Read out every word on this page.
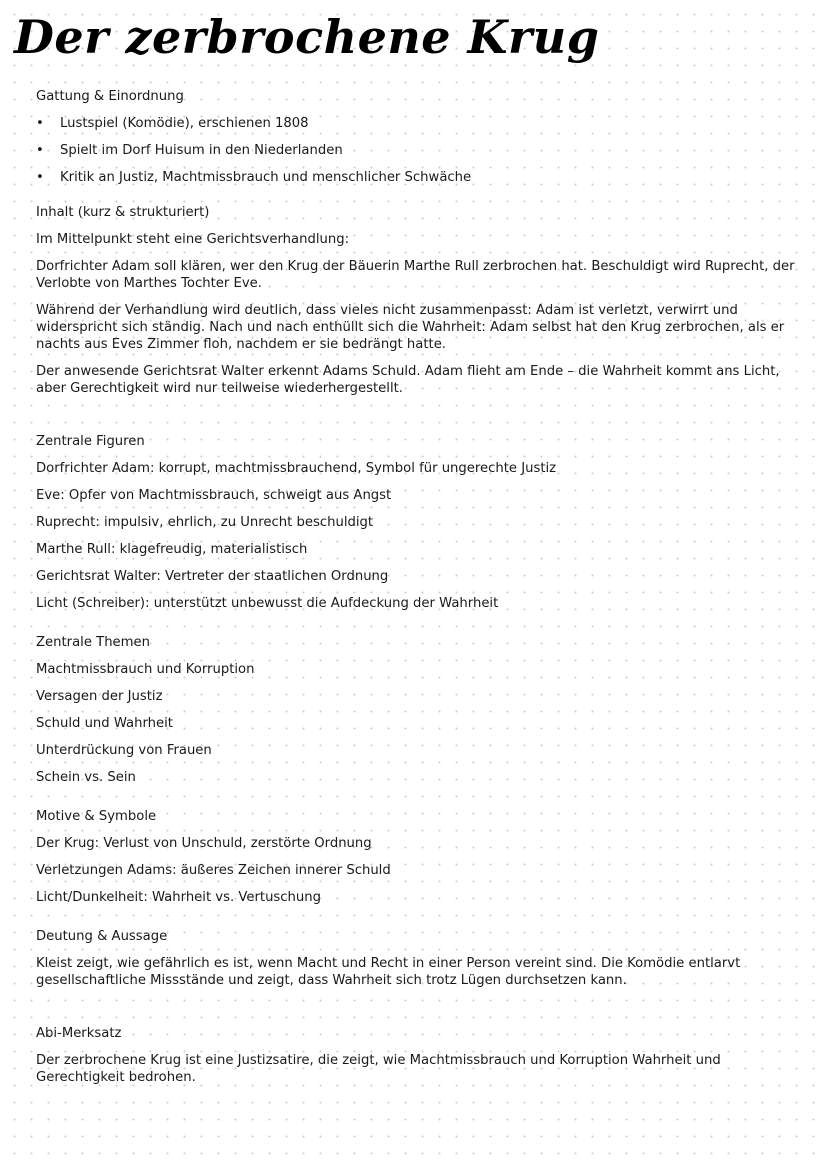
Der zerbrochene Krug
Gattung & Einordnung
• Lustspiel (Komödie), erschienen 1808
• Spielt im Dorf Huisum in den Niederlanden
• Kritik an Justiz, Machtmissbrauch und menschlicher Schwäche
Inhalt (kurz & strukturiert)

Im Mittelpunkt steht eine Gerichtsverhandlung:

Dorfrichter Adam soll klären, wer den Krug der Bäuerin Marthe Rull zerbrochen hat. Beschuldigt wird Ruprecht, der Verlobte von Marthes Tochter Eve.

Während der Verhandlung wird deutlich, dass vieles nicht zusammenpasst: Adam ist verletzt, verwirrt und widerspricht sich ständig. Nach und nach enthüllt sich die Wahrheit: Adam selbst hat den Krug zerbrochen, als er nachts aus Eves Zimmer floh, nachdem er sie bedrängt hatte.

Der anwesende Gerichtsrat Walter erkennt Adams Schuld. Adam flieht am Ende – die Wahrheit kommt ans Licht, aber Gerechtigkeit wird nur teilweise wiederhergestellt.

Zentrale Figuren

Dorfrichter Adam: korrupt, machtmissbrauchend, Symbol für ungerechte Justiz

Eve: Opfer von Machtmissbrauch, schweigt aus Angst

Ruprecht: impulsiv, ehrlich, zu Unrecht beschuldigt

Marthe Rull: klagefreudig, materialistisch

Gerichtsrat Walter: Vertreter der staatlichen Ordnung

Licht (Schreiber): unterstützt unbewusst die Aufdeckung der Wahrheit

Zentrale Themen

Machtmissbrauch und Korruption

Versagen der Justiz

Schuld und Wahrheit

Unterdrückung von Frauen

Schein vs. Sein

Motive & Symbole

Der Krug: Verlust von Unschuld, zerstörte Ordnung

Verletzungen Adams: äußeres Zeichen innerer Schuld

Licht/Dunkelheit: Wahrheit vs. Vertuschung

Deutung & Aussage

Kleist zeigt, wie gefährlich es ist, wenn Macht und Recht in einer Person vereint sind. Die Komödie entlarvt gesellschaftliche Missstände und zeigt, dass Wahrheit sich trotz Lügen durchsetzen kann.

Abi-Merksatz

Der zerbrochene Krug ist eine Justizsatire, die zeigt, wie Machtmissbrauch und Korruption Wahrheit und Gerechtigkeit bedrohen.
